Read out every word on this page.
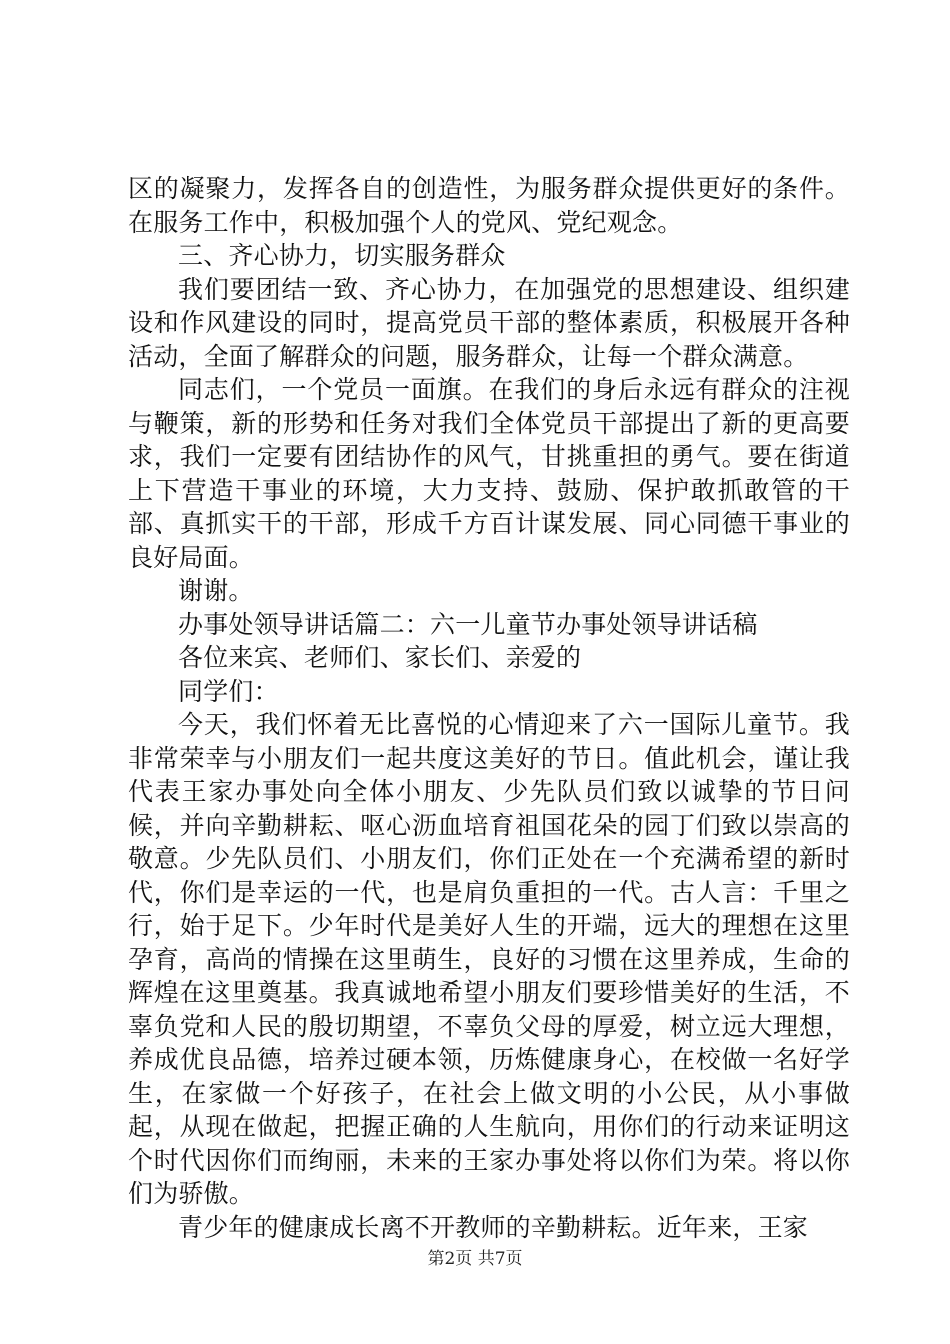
区的凝聚力，发挥各自的创造性，为服务群众提供更好的条件。在服务工作中，积极加强个人的党风、党纪观念。

三、齐心协力，切实服务群众

我们要团结一致、齐心协力，在加强党的思想建设、组织建设和作风建设的同时，提高党员干部的整体素质，积极展开各种活动，全面了解群众的问题，服务群众，让每一个群众满意。

同志们，一个党员一面旗。在我们的身后永远有群众的注视与鞭策，新的形势和任务对我们全体党员干部提出了新的更高要求，我们一定要有团结协作的风气，甘挑重担的勇气。要在街道上下营造干事业的环境，大力支持、鼓励、保护敢抓敢管的干部、真抓实干的干部，形成千方百计谋发展、同心同德干事业的良好局面。

谢谢。

办事处领导讲话篇二：六一儿童节办事处领导讲话稿

各位来宾、老师们、家长们、亲爱的

同学们：

今天，我们怀着无比喜悦的心情迎来了六一国际儿童节。我非常荣幸与小朋友们一起共度这美好的节日。值此机会，谨让我代表王家办事处向全体小朋友、少先队员们致以诚挚的节日问候，并向辛勤耕耘、呕心沥血培育祖国花朵的园丁们致以崇高的敬意。少先队员们、小朋友们，你们正处在一个充满希望的新时代，你们是幸运的一代，也是肩负重担的一代。古人言：千里之行，始于足下。少年时代是美好人生的开端，远大的理想在这里孕育，高尚的情操在这里萌生，良好的习惯在这里养成，生命的辉煌在这里奠基。我真诚地希望小朋友们要珍惜美好的生活，不辜负党和人民的殷切期望，不辜负父母的厚爱，树立远大理想，养成优良品德，培养过硬本领，历炼健康身心，在校做一名好学生，在家做一个好孩子，在社会上做文明的小公民，从小事做起，从现在做起，把握正确的人生航向，用你们的行动来证明这个时代因你们而绚丽，未来的王家办事处将以你们为荣。将以你们为骄傲。

青少年的健康成长离不开教师的辛勤耕耘。近年来，王家

第2页 共7页
